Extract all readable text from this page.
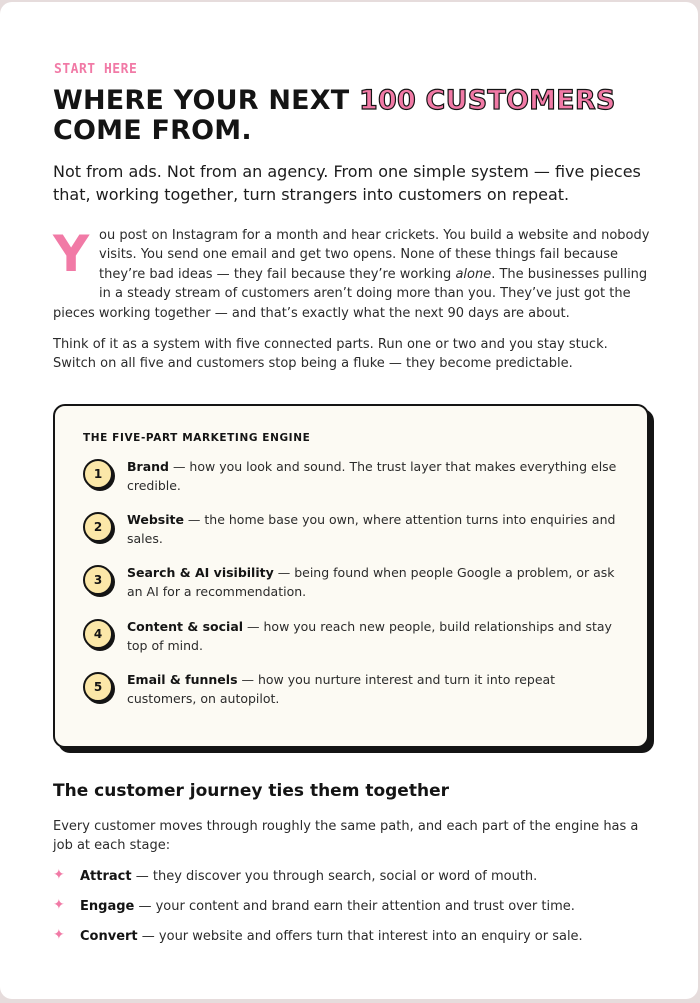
START HERE
WHERE YOUR NEXT 100 CUSTOMERS
COME FROM.

Not from ads. Not from an agency. From one simple system — five pieces that, working together, turn strangers into customers on repeat.

Y ou post on Instagram for a month and hear crickets. You build a website and nobody visits. You send one email and get two opens. None of these things fail because they’re bad ideas — they fail because they’re working alone. The businesses pulling in a steady stream of customers aren’t doing more than you. They’ve just got the pieces working together — and that’s exactly what the next 90 days are about.

Think of it as a system with five connected parts. Run one or two and you stay stuck. Switch on all five and customers stop being a fluke — they become predictable.

THE FIVE-PART MARKETING ENGINE
1	Brand — how you look and sound. The trust layer that makes everything else credible.
2	Website — the home base you own, where attention turns into enquiries and sales.
3	Search & AI visibility — being found when people Google a problem, or ask an AI for a recommendation.
4	Content & social — how you reach new people, build relationships and stay top of mind.
5	Email & funnels — how you nurture interest and turn it into repeat customers, on autopilot.
The customer journey ties them together

Every customer moves through roughly the same path, and each part of the engine has a job at each stage:

✦ Attract — they discover you through search, social or word of mouth.
✦ Engage — your content and brand earn their attention and trust over time.
✦ Convert — your website and offers turn that interest into an enquiry or sale.
